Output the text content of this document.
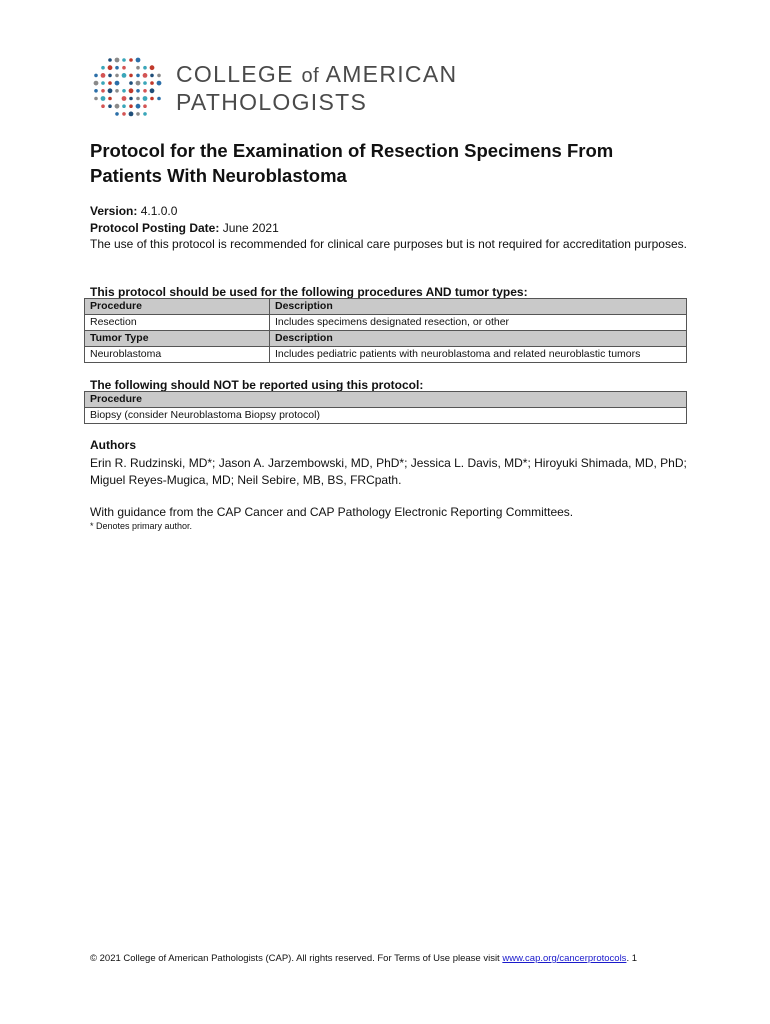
COLLEGE of AMERICAN
PATHOLOGISTS
Protocol for the Examination of Resection Specimens From Patients With Neuroblastoma
Version: 4.1.0.0
Protocol Posting Date: June 2021
The use of this protocol is recommended for clinical care purposes but is not required for accreditation purposes.
This protocol should be used for the following procedures AND tumor types:
Procedure	Description
Resection	Includes specimens designated resection, or other
Tumor Type	Description
Neuroblastoma	Includes pediatric patients with neuroblastoma and related neuroblastic tumors
The following should NOT be reported using this protocol:
Procedure
Biopsy (consider Neuroblastoma Biopsy protocol)
Authors
Erin R. Rudzinski, MD*; Jason A. Jarzembowski, MD, PhD*; Jessica L. Davis, MD*; Hiroyuki Shimada, MD, PhD; Miguel Reyes-Mugica, MD; Neil Sebire, MB, BS, FRCpath.
With guidance from the CAP Cancer and CAP Pathology Electronic Reporting Committees.
* Denotes primary author.
© 2021 College of American Pathologists (CAP). All rights reserved. For Terms of Use please visit www.cap.org/cancerprotocols. 1
